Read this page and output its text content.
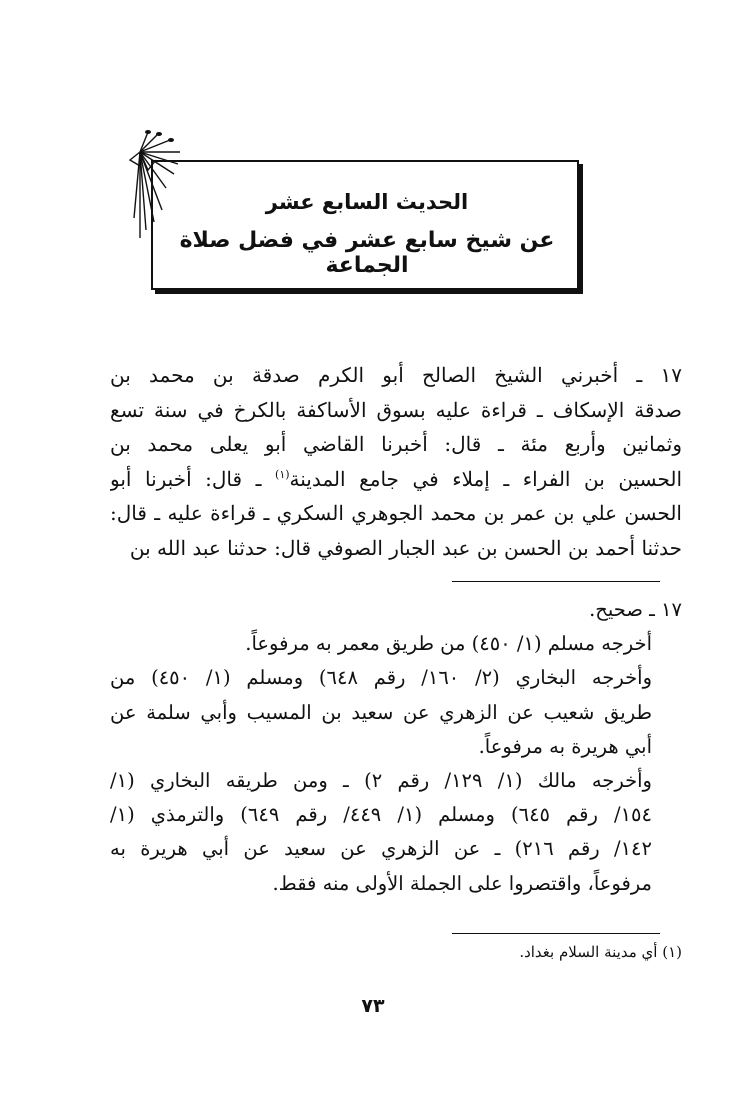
الحديث السابع عشر
عن شيخ سابع عشر في فضل صلاة الجماعة
١٧ ـ أخبرني الشيخ الصالح أبو الكرم صدقة بن محمد بن
صدقة الإسكاف ـ قراءة عليه بسوق الأساكفة بالكرخ في سنة تسع
وثمانين وأربع مئة ـ قال: أخبرنا القاضي أبو يعلى محمد بن
الحسين بن الفراء ـ إملاء في جامع المدينة$^{(١)}$ ـ قال: أخبرنا أبو
الحسن علي بن عمر بن محمد الجوهري السكري ـ قراءة عليه ـ قال:
حدثنا أحمد بن الحسن بن عبد الجبار الصوفي قال: حدثنا عبد الله بن
١٧ ـ صحيح.
أخرجه مسلم (١/ ٤٥٠) من طريق معمر به مرفوعاً.
وأخرجه البخاري (٢/ ١٦٠/ رقم ٦٤٨) ومسلم (١/ ٤٥٠) من
طريق شعيب عن الزهري عن سعيد بن المسيب وأبي سلمة عن
أبي هريرة به مرفوعاً.
وأخرجه مالك (١/ ١٢٩/ رقم ٢) ـ ومن طريقه البخاري (١/
١٥٤/ رقم ٦٤٥) ومسلم (١/ ٤٤٩/ رقم ٦٤٩) والترمذي (١/
١٤٢/ رقم ٢١٦) ـ عن الزهري عن سعيد عن أبي هريرة به
مرفوعاً، واقتصروا على الجملة الأولى منه فقط.
(١) أي مدينة السلام بغداد.
٧٣
